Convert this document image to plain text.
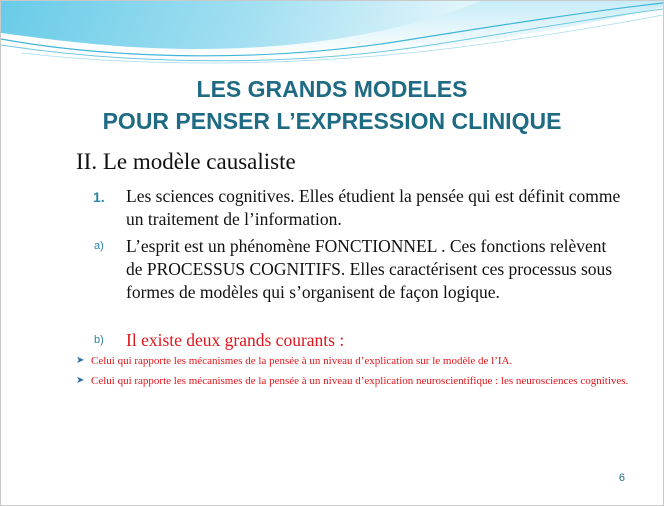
LES GRANDS MODELES
POUR PENSER L’EXPRESSION CLINIQUE
II. Le modèle causaliste
1. Les sciences cognitives. Elles étudient la pensée qui est définit comme un traitement de l’information.
a) L’esprit est un phénomène FONCTIONNEL . Ces fonctions relèvent de PROCESSUS COGNITIFS. Elles caractérisent ces processus sous formes de modèles qui s’organisent de façon logique.
b) Il existe deux grands courants :
➤ Celui qui rapporte les mécanismes de la pensée à un niveau d’explication sur le modèle de l’IA.
➤ Celui qui rapporte les mécanismes de la pensée à un niveau d’explication neuroscientifique : les neurosciences cognitives.
6
